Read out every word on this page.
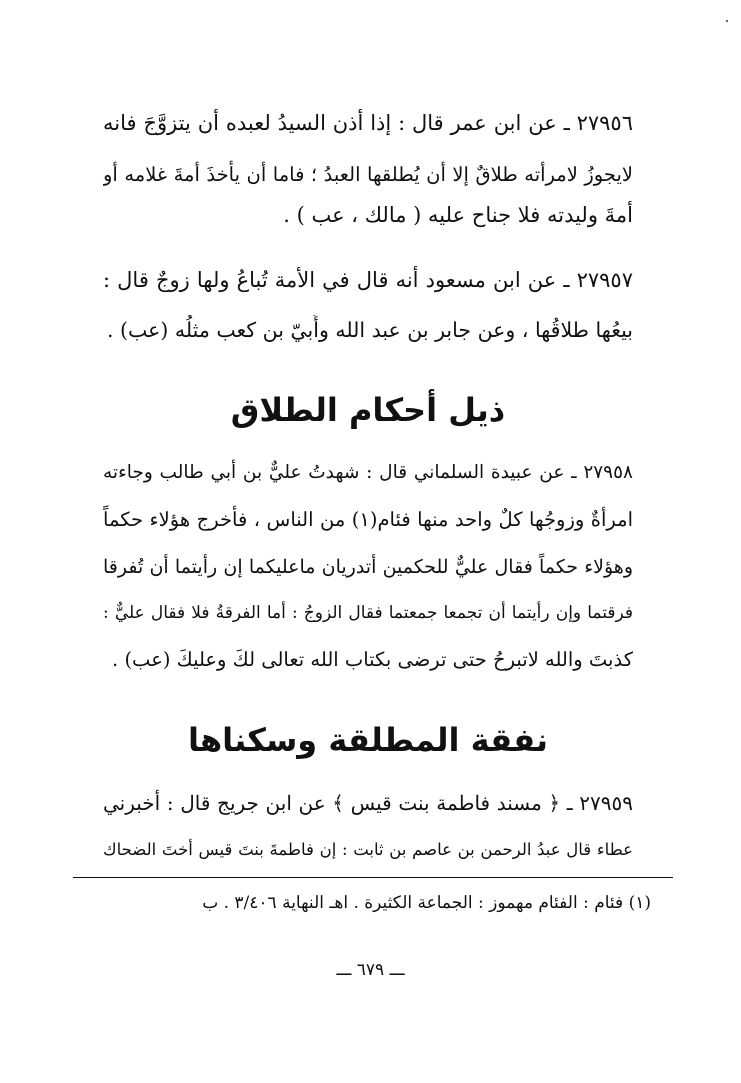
٢٧٩٥٦ ـ عن ابن عمر قال : إذا أذن السيدُ لعبده أن يتزوَّجَ فانه
لايجوزُ لامرأته طلاقٌ إلا أن يُطلقها العبدُ ؛ فاما أن يأخذَ أمةَ غلامه أو
أمةَ وليدته فلا جناح عليه ( مالك ، عب ) .
٢٧٩٥٧ ـ عن ابن مسعود أنه قال في الأمة تُباعُ ولها زوجٌ قال :
بيعُها طلاقُها ، وعن جابر بن عبد الله وأُبيّ بن كعب مثلُه (عب) .
ذيل أحكام الطلاق
٢٧٩٥٨ ـ عن عبيدة السلماني قال : شهدتُ عليٌّ بن أبي طالب وجاءته
امرأةٌ وزوجُها كلٌ واحد منها فئام(١) من الناس ، فأخرج هؤلاء حكماً
وهؤلاء حكماً فقال عليٌّ للحكمين أتدريان ماعليكما إن رأيتما أن تُفرقا
فرقتما وإن رأيتما أن تجمعا جمعتما فقال الزوجُ : أما الفرقةُ فلا فقال عليٌّ :
كذبتَ والله لاتبرحُ حتى ترضى بكتاب الله تعالى لكَ وعليكَ (عب) .
نفقة المطلقة وسكناها
٢٧٩٥٩ ـ ﴿ مسند فاطمة بنت قيس ﴾ عن ابن جريج قال : أخبرني
عطاء قال عبدُ الرحمن بن عاصم بن ثابت : إن فاطمةَ بنتَ قيس أختَ الضحاك
(١) فئام : الفئام مهموز : الجماعة الكثيرة . اهـ النهاية ٣/٤٠٦ . ب
ـــ ٦٧٩ ـــ
